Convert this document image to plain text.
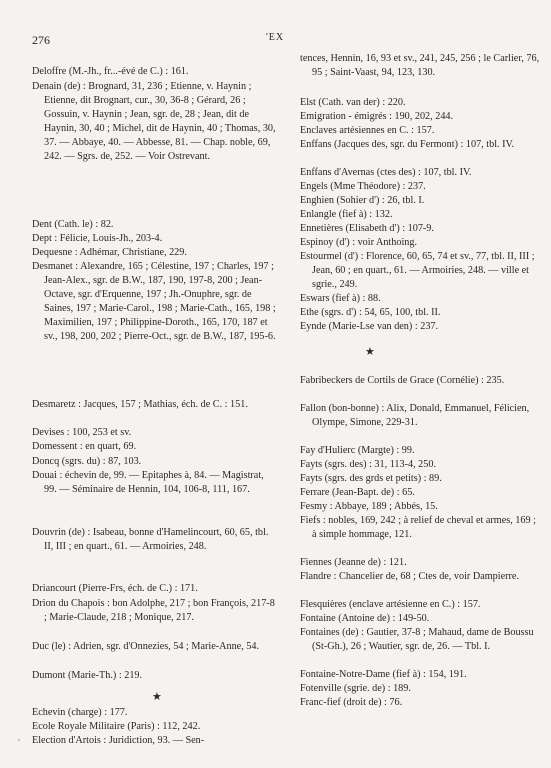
276	'EX
'
Deloffre (M.-Jh., fr...-évé de C.) : 161.
Denain (de) : Brognard, 31, 236 ; Etienne, v. Haynin ; Etienne, dit Brognart, cur., 30, 36-8 ; Gérard, 26 ; Gossuin, v. Haynin ; Jean, sgr. de, 28 ; Jean, dit de Haynin, 30, 40 ; Michel, dit de Haynin, 40 ; Thomas, 30, 37. — Abbaye, 40. — Abbesse, 81. — Chap. noble, 69, 242. — Sgrs. de, 252. — Voir Ostrevant.
Dent (Cath. le) : 82.
Dept : Félicie, Louis-Jh., 203-4.
Dequesne : Adhémar, Christiane, 229.
Desmanet : Alexandre, 165 ; Célestine, 197 ; Charles, 197 ; Jean-Alex., sgr. de B.W., 187, 190, 197-8, 200 ; Jean-Octave, sgr. d'Erquenne, 197 ; Jh.-Onuphre, sgr. de Saines, 197 ; Marie-Carol., 198 ; Marie-Cath., 165, 198 ; Maximilien, 197 ; Philippine-Doroth., 165, 170, 187 et sv., 198, 200, 202 ; Pierre-Oct., sgr. de B.W., 187, 195-6.
Desmaretz : Jacques, 157 ; Mathias, éch. de C. : 151.
Devises : 100, 253 et sv.
Domessent : en quart, 69.
Doncq (sgrs. du) : 87, 103.
Douai : échevin de, 99. — Epitaphes à, 84. — Magistrat, 99. — Séminaire de Hennin, 104, 106-8, 111, 167.
Douvrin (de) : Isabeau, bonne d'Hamelincourt, 60, 65, tbl. II, III ; en quart., 61. — Armoiries, 248.
Driancourt (Pierre-Frs, éch. de C.) : 171.
Drion du Chapois : bon Adolphe, 217 ; bon François, 217-8 ; Marie-Claude, 218 ; Monique, 217.
Duc (le) : Adrien, sgr. d'Onnezies, 54 ; Marie-Anne, 54.
Dumont (Marie-Th.) : 219.
★
Echevin (charge) : 177.
Ecole Royale Militaire (Paris) : 112, 242.
Election d'Artois : Juridiction, 93. — Sen-
tences, Hennin, 16, 93 et sv., 241, 245, 256 ; le Carlier, 76, 95 ; Saint-Vaast, 94, 123, 130.
Elst (Cath. van der) : 220.
Emigration - émigrés : 190, 202, 244.
Enclaves artésiennes en C. : 157.
Enffans (Jacques des, sgr. du Fermont) : 107, tbl. IV.
Enffans d'Avernas (ctes des) : 107, tbl. IV.
Engels (Mme Théodore) : 237.
Enghien (Sohier d') : 26, tbl. I.
Enlangle (fief à) : 132.
Ennetières (Elisabeth d') : 107-9.
Espinoy (d') : voir Anthoing.
Estourmel (d') : Florence, 60, 65, 74 et sv., 77, tbl. II, III ; Jean, 60 ; en quart., 61. — Armoiries, 248. — ville et sgrie., 249.
Eswars (fief à) : 88.
Ethe (sgrs. d') : 54, 65, 100, tbl. II.
Eynde (Marie-Lse van den) : 237.
★
Fabribeckers de Cortils de Grace (Cornélie) : 235.
Fallon (bon-bonne) : Alix, Donald, Emmanuel, Félicien, Olympe, Simone, 229-31.
Fay d'Hulierc (Margte) : 99.
Fayts (sgrs. des) : 31, 113-4, 250.
Fayts (sgrs. des grds et petits) : 89.
Ferrare (Jean-Bapt. de) : 65.
Fesmy : Abbaye, 189 ; Abbés, 15.
Fiefs : nobles, 169, 242 ; à relief de cheval et armes, 169 ; à simple hommage, 121.
Fiennes (Jeanne de) : 121.
Flandre : Chancelier de, 68 ; Ctes de, voir Dampierre.
Flesquières (enclave artésienne en C.) : 157.
Fontaine (Antoine de) : 149-50.
Fontaines (de) : Gautier, 37-8 ; Mahaud, dame de Boussu (St-Gh.), 26 ; Wautier, sgr. de, 26. — Tbl. I.
Fontaine-Notre-Dame (fief à) : 154, 191.
Fotenville (sgrie. de) : 189.
Franc-fief (droit de) : 76.
